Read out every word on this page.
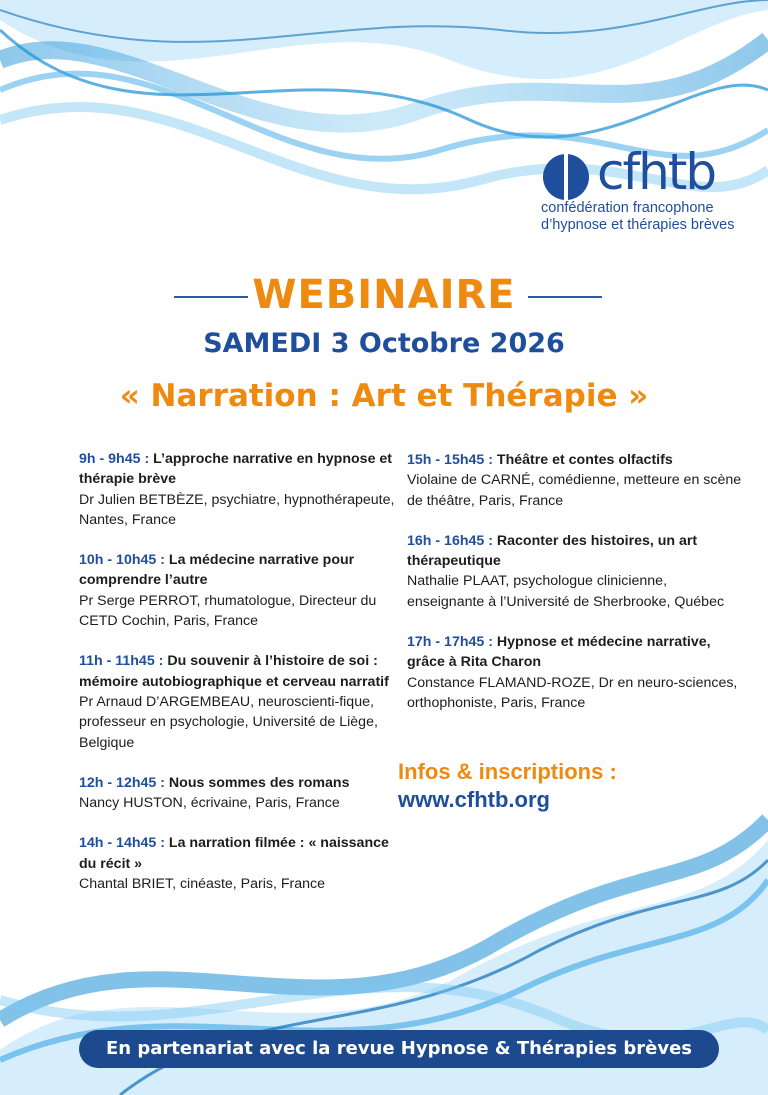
cfhtb
confédération francophone
d’hypnose et thérapies brèves
WEBINAIRE
SAMEDI 3 Octobre 2026
« Narration : Art et Thérapie »
9h - 9h45 : L’approche narrative en hypnose et thérapie brève
Dr Julien BETBÈZE, psychiatre, hypnothérapeute, Nantes, France
10h - 10h45 : La médecine narrative pour comprendre l’autre
Pr Serge PERROT, rhumatologue, Directeur du CETD Cochin, Paris, France
11h - 11h45 : Du souvenir à l’histoire de soi : mémoire autobiographique et cerveau narratif
Pr Arnaud D’ARGEMBEAU, neuroscienti-fique, professeur en psychologie, Université de Liège, Belgique
12h - 12h45 : Nous sommes des romans
Nancy HUSTON, écrivaine, Paris, France
14h - 14h45 : La narration filmée : « naissance du récit »
Chantal BRIET, cinéaste, Paris, France
15h - 15h45 : Théâtre et contes olfactifs
Violaine de CARNÉ, comédienne, metteure en scène de théâtre, Paris, France
16h - 16h45 : Raconter des histoires, un art thérapeutique
Nathalie PLAAT, psychologue clinicienne, enseignante à l’Université de Sherbrooke, Québec
17h - 17h45 : Hypnose et médecine narrative, grâce à Rita Charon
Constance FLAMAND-ROZE, Dr en neuro-sciences, orthophoniste, Paris, France
Infos & inscriptions :
www.cfhtb.org
En partenariat avec la revue Hypnose & Thérapies brèves
